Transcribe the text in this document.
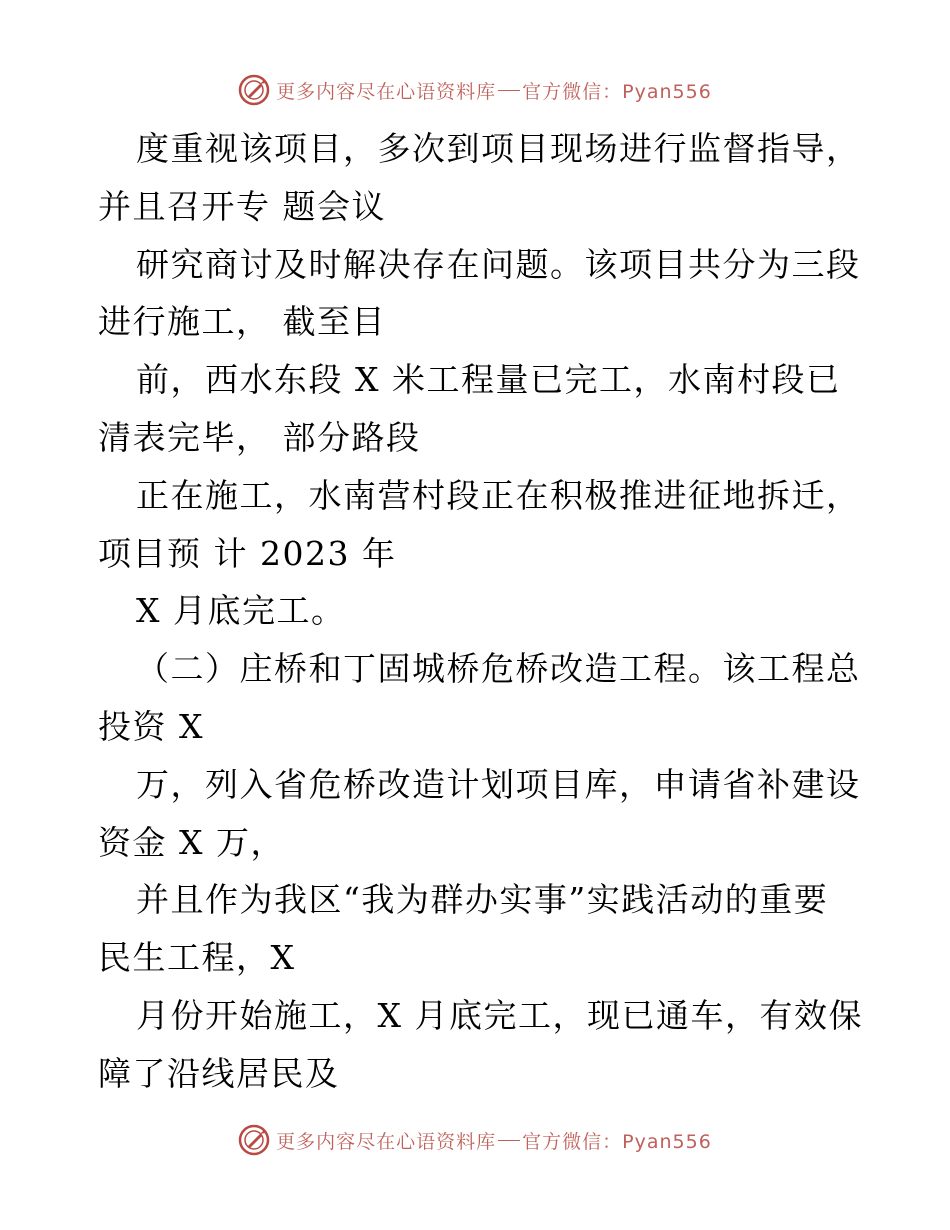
更多内容尽在心语资料库 官方微信：Pyan556
度重视该项目，多次到项目现场进行监督指导，
并且召开专 题会议
研究商讨及时解决存在问题。该项目共分为三段
进行施工， 截至目
前，西水东段 X 米工程量已完工，水南村段已
清表完毕， 部分路段
正在施工，水南营村段正在积极推进征地拆迁，
项目预 计 2023 年
X 月底完工。
（二）庄桥和丁固城桥危桥改造工程。该工程总
投资 X
万，列入省危桥改造计划项目库，申请省补建设
资金 X 万，
并且作为我区“我为群办实事”实践活动的重要
民生工程，X
月份开始施工，X 月底完工，现已通车，有效保
障了沿线居民及
更多内容尽在心语资料库 官方微信：Pyan556
